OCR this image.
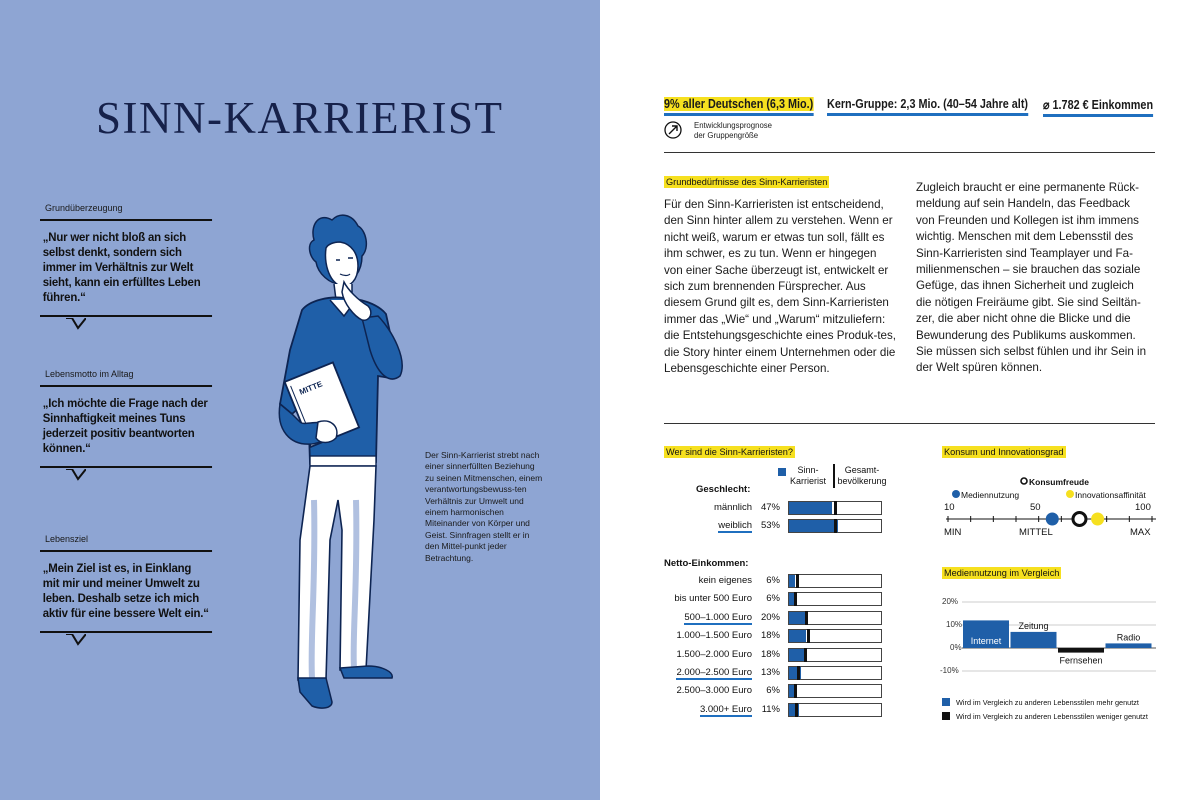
SINN-KARRIERIST
Grundüberzeugung
„Nur wer nicht bloß an sich selbst denkt, sondern sich immer im Verhältnis zur Welt sieht, kann ein erfülltes Leben führen.“
Lebensmotto im Alltag
„Ich möchte die Frage nach der Sinnhaftigkeit meines Tuns jederzeit positiv beantworten können.“
Lebensziel
„Mein Ziel ist es, in Einklang mit mir und meiner Umwelt zu leben. Deshalb setze ich mich aktiv für eine bessere Welt ein.“
MITTE
Der Sinn-Karrierist strebt nach einer sinnerfüllten Beziehung zu seinen Mitmenschen, einem verantwortungsbewuss-ten Verhältnis zur Umwelt und einem harmonischen Miteinander von Körper und Geist. Sinnfragen stellt er in den Mittel-punkt jeder Betrachtung.
9% aller Deutschen (6,3 Mio.) Kern-Gruppe: 2,3 Mio. (40–54 Jahre alt) ⌀ 1.782 € Einkommen
Entwicklungsprognose
der Gruppengröße
Grundbedürfnisse des Sinn-Karrieristen
Für den Sinn-Karrieristen ist entscheidend, den Sinn hinter allem zu verstehen. Wenn er nicht weiß, warum er etwas tun soll, fällt es ihm schwer, es zu tun. Wenn er hingegen von einer Sache überzeugt ist, entwickelt er sich zum brennenden Fürsprecher. Aus diesem Grund gilt es, dem Sinn-Karrieristen immer das „Wie“ und „Warum“ mitzuliefern: die Entstehungsgeschichte eines Produk-tes, die Story hinter einem Unternehmen oder die Lebensgeschichte einer Person.
Zugleich braucht er eine permanente Rück-meldung auf sein Handeln, das Feedback von Freunden und Kollegen ist ihm immens wichtig. Menschen mit dem Lebensstil des Sinn-Karrieristen sind Teamplayer und Fa-milienmenschen – sie brauchen das soziale Gefüge, das ihnen Sicherheit und zugleich die nötigen Freiräume gibt. Sie sind Seiltän-zer, die aber nicht ohne die Blicke und die Bewunderung des Publikums auskommen. Sie müssen sich selbst fühlen und ihr Sein in der Welt spüren können.
Wer sind die Sinn-Karrieristen?
Sinn-
Karrierist
Gesamt-
bevölkerung
Geschlecht:
männlich 47%
weiblich 53%
Netto-Einkommen:
kein eigenes	6%
bis unter 500 Euro	6%
500–1.000 Euro 20%
1.000–1.500 Euro 18%
1.500–2.000 Euro 18%
2.000–2.500 Euro 13%
2.500–3.000 Euro	6%
3.000+ Euro	11%
Konsum und Innovationsgrad
Mediennutzung
Konsumfreude
Innovationsaffinität
10	50	100
MIN	MITTEL	MAX
Mediennutzung im Vergleich
20%
10%
0%
-10%
Internet
Zeitung
Fernsehen
Radio
Wird im Vergleich zu anderen Lebensstilen mehr genutzt
Wird im Vergleich zu anderen Lebensstilen weniger genutzt
